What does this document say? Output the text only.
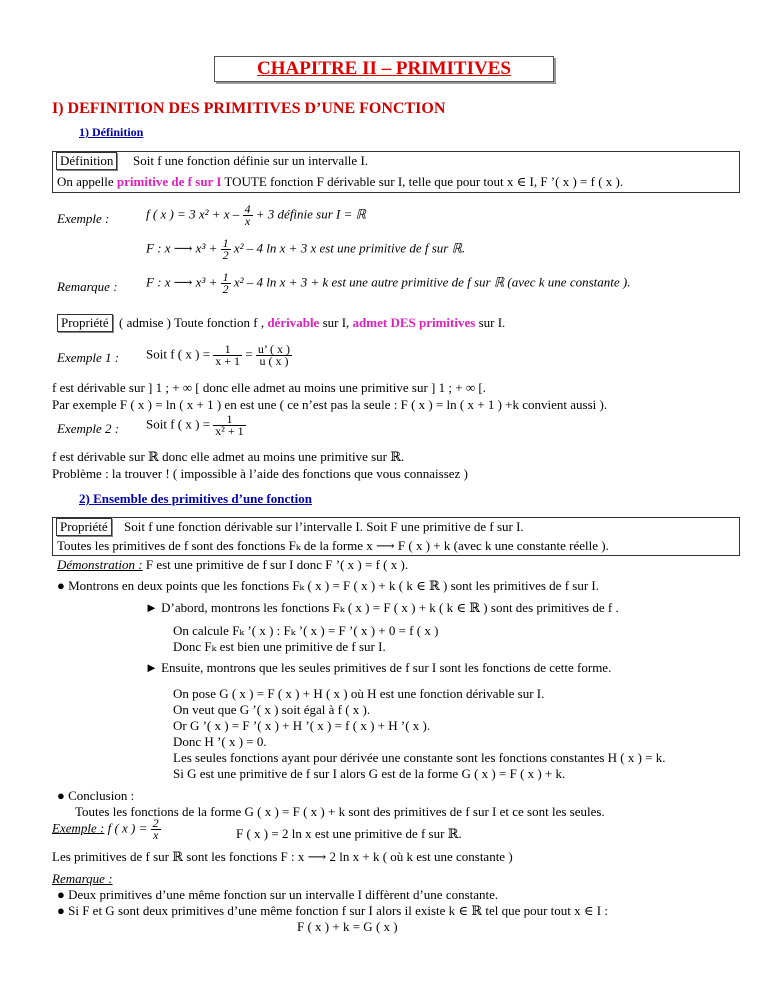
CHAPITRE II – PRIMITIVES
I) DEFINITION DES PRIMITIVES D’UNE FONCTION
1) Définition
Définition	Soit f une fonction définie sur un intervalle I.
On appelle primitive de f sur I TOUTE fonction F dérivable sur I, telle que pour tout x ∈ I, F ’( x ) = f ( x ).
Exemple :	f ( x ) = 3 $x^2 + x - \frac{4}{x} + 3$ définie sur I = ℝ
F : x ⟶ $x^3 + \frac{1}{2} x^2 - 4$ ln x + 3 x est une primitive de f sur ℝ.
Remarque : F : x ⟶ $x^3 + \frac{1}{2} x^2 - 4$ ln x + 3 + k est une autre primitive de f sur ℝ (avec k une constante ).
Propriété ( admise ) Toute fonction f , dérivable sur I, admet DES primitives sur I.
Exemple 1 : Soit f ( x ) = $\frac{1}{x + 1} = \frac{u’ ( x )}{u ( x )}$
f est dérivable sur ] 1 ; + ∞ [ donc elle admet au moins une primitive sur ] 1 ; + ∞ [.
Par exemple F ( x ) = ln ( x + 1 ) en est une ( ce n’est pas la seule : F ( x ) = ln ( x + 1 ) +k convient aussi ).
Exemple 2 : Soit f ( x ) = $\frac{1}{\text{x² + 1}}$
f est dérivable sur ℝ donc elle admet au moins une primitive sur ℝ.
Problème : la trouver ! ( impossible à l’aide des fonctions que vous connaissez )
2) Ensemble des primitives d’une fonction
Propriété	Soit f une fonction dérivable sur l’intervalle I. Soit F une primitive de f sur I.
Toutes les primitives de f sont des fonctions Fₖ de la forme x ⟶ F ( x ) + k (avec k une constante réelle ).
Démonstration : F est une primitive de f sur I donc F ’( x ) = f ( x ).
● Montrons en deux points que les fonctions Fₖ ( x ) = F ( x ) + k ( k ∈ ℝ ) sont les primitives de f sur I.
► D’abord, montrons les fonctions Fₖ ( x ) = F ( x ) + k ( k ∈ ℝ ) sont des primitives de f .
On calcule Fₖ ’( x ) : Fₖ ’( x ) = F ’( x ) + 0 = f ( x )
Donc Fₖ est bien une primitive de f sur I.
► Ensuite, montrons que les seules primitives de f sur I sont les fonctions de cette forme.
On pose G ( x ) = F ( x ) + H ( x ) où H est une fonction dérivable sur I.
On veut que G ’( x ) soit égal à f ( x ).
Or G ’( x ) = F ’( x ) + H ’( x ) = f ( x ) + H ’( x ).
Donc H ’( x ) = 0.
Les seules fonctions ayant pour dérivée une constante sont les fonctions constantes H ( x ) = k.
Si G est une primitive de f sur I alors G est de la forme G ( x ) = F ( x ) + k.
● Conclusion :
Toutes les fonctions de la forme G ( x ) = F ( x ) + k sont des primitives de f sur I et ce sont les seules.
Exemple : f ( x ) = $\frac{2}{x}$	F ( x ) = 2 ln x est une primitive de f sur ℝ.
Les primitives de f sur ℝ sont les fonctions F : x ⟶ 2 ln x + k ( où k est une constante )
Remarque :
● Deux primitives d’une même fonction sur un intervalle I diffèrent d’une constante.
● Si F et G sont deux primitives d’une même fonction f sur I alors il existe k ∈ ℝ tel que pour tout x ∈ I :
F ( x ) + k = G ( x )
